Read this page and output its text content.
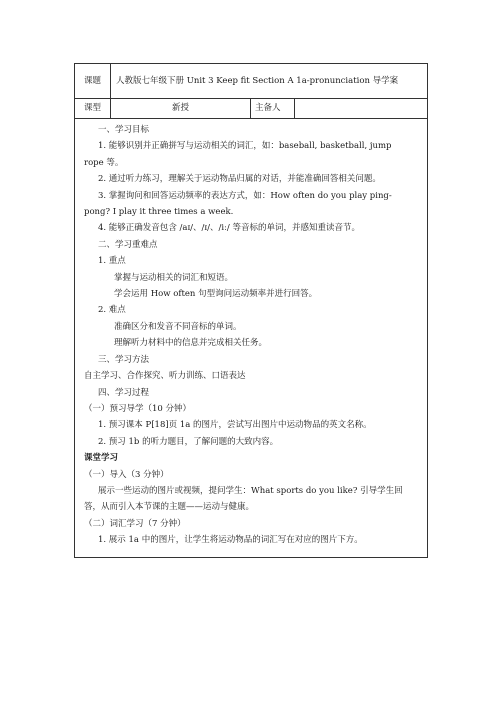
课题	人教版七年级下册 Unit 3 Keep fit Section A 1a-pronunciation 导学案
课型	新授	主备人

一、学习目标

1. 能够识别并正确拼写与运动相关的词汇，如：baseball, basketball, jump

rope 等。

2. 通过听力练习，理解关于运动物品归属的对话，并能准确回答相关问题。

3. 掌握询问和回答运动频率的表达方式，如：How often do you play ping-

pong? I play it three times a week.

4. 能够正确发音包含 /aɪ/、/ɪ/、/iː/ 等音标的单词，并感知重读音节。

二、学习重难点

1. 重点

掌握与运动相关的词汇和短语。

学会运用 How often 句型询问运动频率并进行回答。

2. 难点

准确区分和发音不同音标的单词。

理解听力材料中的信息并完成相关任务。

三、学习方法

自主学习、合作探究、听力训练、口语表达

四、学习过程

（一）预习导学（10 分钟）

1. 预习课本 P[18]页 1a 的图片，尝试写出图片中运动物品的英文名称。

2. 预习 1b 的听力题目，了解问题的大致内容。

课堂学习

（一）导入（3 分钟）

展示一些运动的图片或视频，提问学生：What sports do you like? 引导学生回

答，从而引入本节课的主题——运动与健康。

（二）词汇学习（7 分钟）

1. 展示 1a 中的图片，让学生将运动物品的词汇写在对应的图片下方。
